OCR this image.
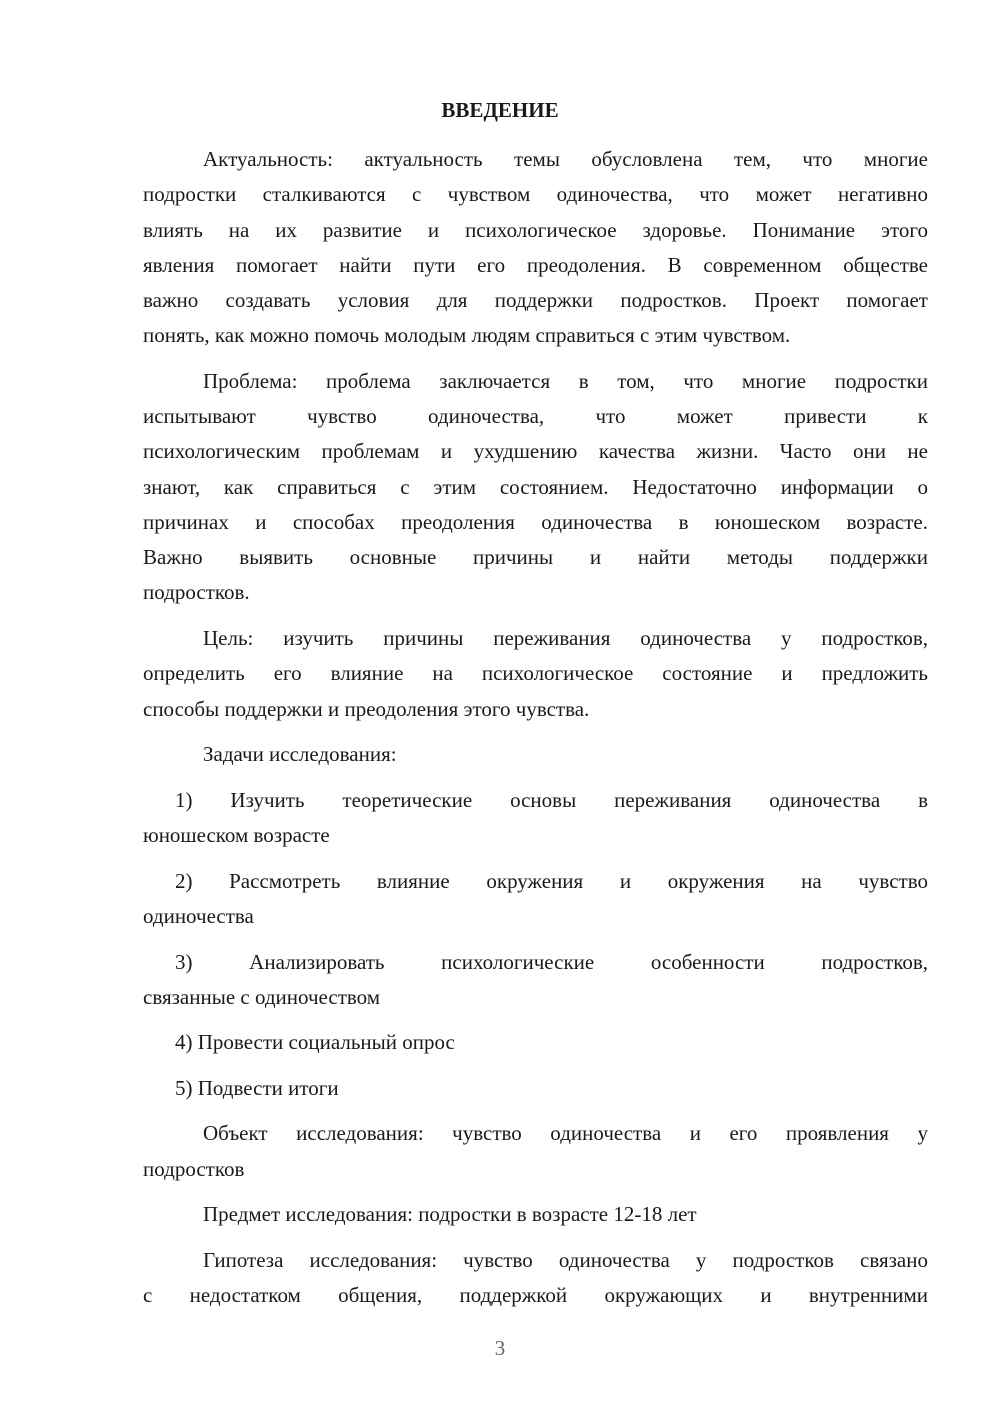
ВВЕДЕНИЕ
Актуальность: актуальность темы обусловлена тем, что многие
подростки сталкиваются с чувством одиночества, что может негативно
влиять на их развитие и психологическое здоровье. Понимание этого
явления помогает найти пути его преодоления. В современном обществе
важно создавать условия для поддержки подростков. Проект помогает
понять, как можно помочь молодым людям справиться с этим чувством.
Проблема: проблема заключается в том, что многие подростки
испытывают чувство одиночества, что может привести к
психологическим проблемам и ухудшению качества жизни. Часто они не
знают, как справиться с этим состоянием. Недостаточно информации о
причинах и способах преодоления одиночества в юношеском возрасте.
Важно выявить основные причины и найти методы поддержки
подростков.
Цель: изучить причины переживания одиночества у подростков,
определить его влияние на психологическое состояние и предложить
способы поддержки и преодоления этого чувства.
Задачи исследования:
1) Изучить теоретические основы переживания одиночества в
юношеском возрасте
2) Рассмотреть влияние окружения и окружения на чувство
одиночества
3) Анализировать психологические особенности подростков,
связанные с одиночеством
4) Провести социальный опрос
5) Подвести итоги
Объект исследования: чувство одиночества и его проявления у
подростков
Предмет исследования: подростки в возрасте 12-18 лет
Гипотеза исследования: чувство одиночества у подростков связано
с недостатком общения, поддержкой окружающих и внутренними
3
